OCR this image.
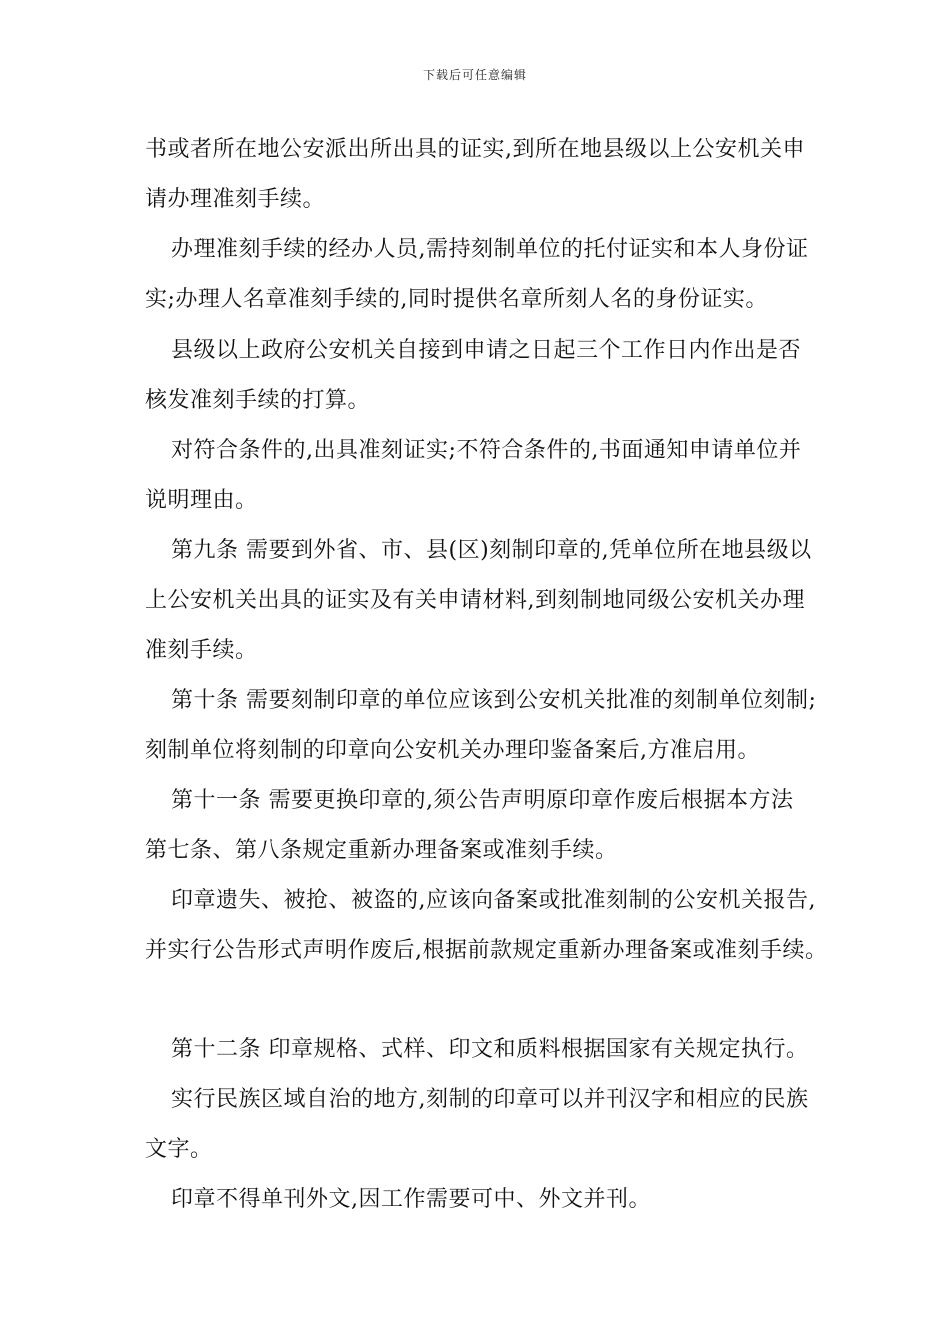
下载后可任意编辑
书或者所在地公安派出所出具的证实,到所在地县级以上公安机关申
请办理准刻手续。
办理准刻手续的经办人员,需持刻制单位的托付证实和本人身份证
实;办理人名章准刻手续的,同时提供名章所刻人名的身份证实。
县级以上政府公安机关自接到申请之日起三个工作日内作出是否
核发准刻手续的打算。
对符合条件的,出具准刻证实;不符合条件的,书面通知申请单位并
说明理由。
第九条 需要到外省、市、县(区)刻制印章的,凭单位所在地县级以
上公安机关出具的证实及有关申请材料,到刻制地同级公安机关办理
准刻手续。
第十条 需要刻制印章的单位应该到公安机关批准的刻制单位刻制;
刻制单位将刻制的印章向公安机关办理印鉴备案后,方准启用。
第十一条 需要更换印章的,须公告声明原印章作废后根据本方法
第七条、第八条规定重新办理备案或准刻手续。
印章遗失、被抢、被盗的,应该向备案或批准刻制的公安机关报告,
并实行公告形式声明作废后,根据前款规定重新办理备案或准刻手续。
第十二条 印章规格、式样、印文和质料根据国家有关规定执行。
实行民族区域自治的地方,刻制的印章可以并刊汉字和相应的民族
文字。
印章不得单刊外文,因工作需要可中、外文并刊。
